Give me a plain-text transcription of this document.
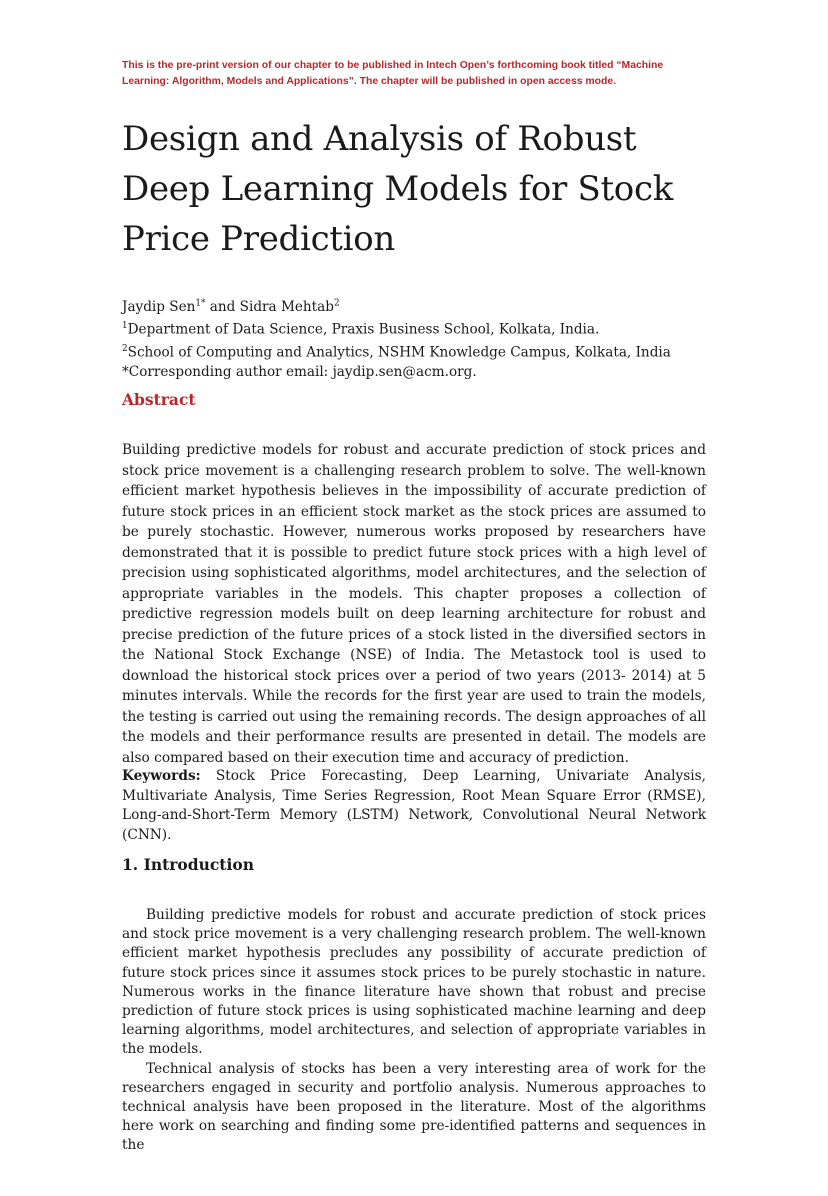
This is the pre-print version of our chapter to be published in Intech Open’s forthcoming book titled “Machine Learning: Algorithm, Models and Applications”. The chapter will be published in open access mode.
Design and Analysis of Robust Deep Learning Models for Stock Price Prediction
Jaydip Sen$^{1*}$ and Sidra Mehtab$^2$
$^1$Department of Data Science, Praxis Business School, Kolkata, India.
$^2$School of Computing and Analytics, NSHM Knowledge Campus, Kolkata, India
*Corresponding author email: jaydip.sen@acm.org.
Abstract

Building predictive models for robust and accurate prediction of stock prices and stock price movement is a challenging research problem to solve. The well-known efficient market hypothesis believes in the impossibility of accurate prediction of future stock prices in an efficient stock market as the stock prices are assumed to be purely stochastic. However, numerous works proposed by researchers have demonstrated that it is possible to predict future stock prices with a high level of precision using sophisticated algorithms, model architectures, and the selection of appropriate variables in the models. This chapter proposes a collection of predictive regression models built on deep learning architecture for robust and precise prediction of the future prices of a stock listed in the diversified sectors in the National Stock Exchange (NSE) of India. The Metastock tool is used to download the historical stock prices over a period of two years (2013- 2014) at 5 minutes intervals. While the records for the first year are used to train the models, the testing is carried out using the remaining records. The design approaches of all the models and their performance results are presented in detail. The models are also compared based on their execution time and accuracy of prediction.

Keywords: Stock Price Forecasting, Deep Learning, Univariate Analysis, Multivariate Analysis, Time Series Regression, Root Mean Square Error (RMSE), Long-and-Short-Term Memory (LSTM) Network, Convolutional Neural Network (CNN).

1. Introduction

Building predictive models for robust and accurate prediction of stock prices and stock price movement is a very challenging research problem. The well-known efficient market hypothesis precludes any possibility of accurate prediction of future stock prices since it assumes stock prices to be purely stochastic in nature. Numerous works in the finance literature have shown that robust and precise prediction of future stock prices is using sophisticated machine learning and deep learning algorithms, model architectures, and selection of appropriate variables in the models.

Technical analysis of stocks has been a very interesting area of work for the researchers engaged in security and portfolio analysis. Numerous approaches to technical analysis have been proposed in the literature. Most of the algorithms here work on searching and finding some pre-identified patterns and sequences in the
